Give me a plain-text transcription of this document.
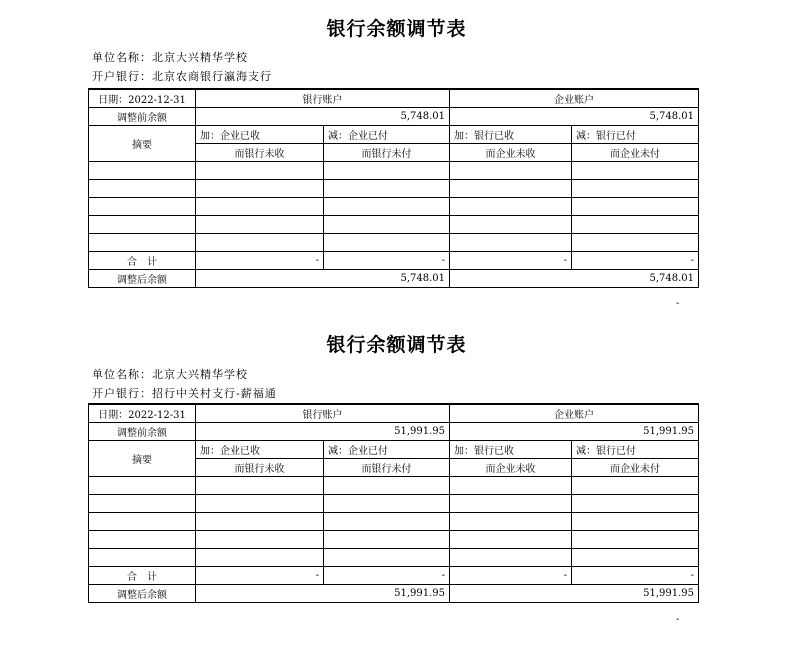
银行余额调节表
单位名称：北京大兴精华学校
开户银行：北京农商银行瀛海支行
日期：2022-12-31	银行账户		企业账户	
调整前余额	5,748.01		5,748.01	
摘要	加：企业已收	减：企业已付	加：银行已收	减：银行已付
	而银行未收	而银行未付	而企业未收	而企业未付

合　计	-	-	-	-
调整后余额	5,748.01		5,748.01	
-
银行余额调节表
单位名称：北京大兴精华学校
开户银行：招行中关村支行-薪福通
日期：2022-12-31	银行账户		企业账户	
调整前余额	51,991.95		51,991.95	
摘要	加：企业已收	减：企业已付	加：银行已收	减：银行已付
	而银行未收	而银行未付	而企业未收	而企业未付

合　计	-	-	-	-
调整后余额	51,991.95		51,991.95	
-
